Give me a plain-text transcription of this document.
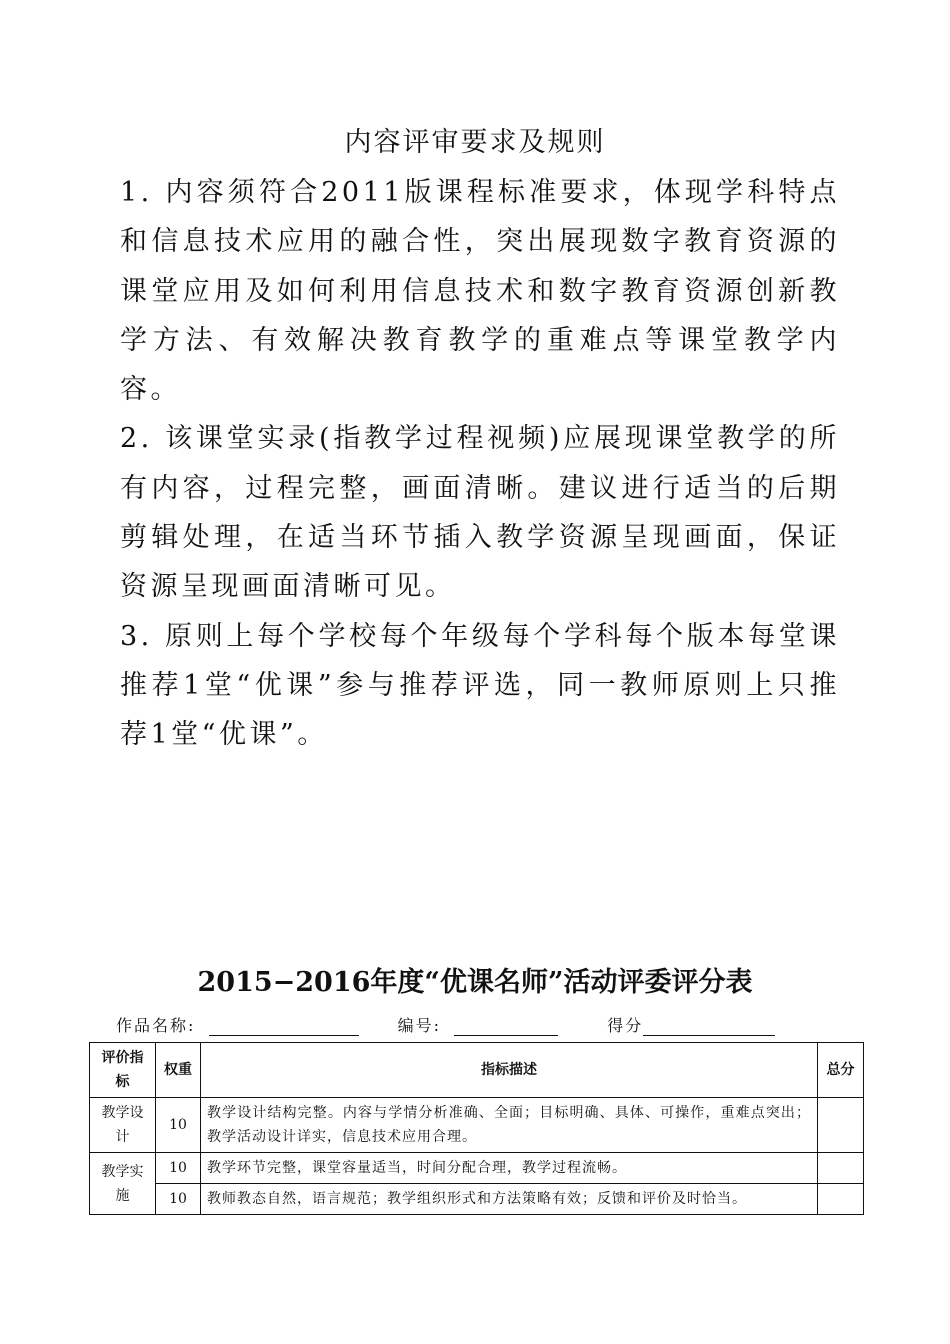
内容评审要求及规则

1. 内容须符合2011版课程标准要求，体现学科特点和信息技术应用的融合性，突出展现数字教育资源的课堂应用及如何利用信息技术和数字教育资源创新教学方法、有效解决教育教学的重难点等课堂教学内容。

2. 该课堂实录(指教学过程视频)应展现课堂教学的所有内容，过程完整，画面清晰。建议进行适当的后期剪辑处理，在适当环节插入教学资源呈现画面，保证资源呈现画面清晰可见。

3. 原则上每个学校每个年级每个学科每个版本每堂课推荐1堂“优课”参与推荐评选，同一教师原则上只推荐1堂“优课”。

2015−2016年度“优课名师”活动评委评分表
作品名称:	编号:	得分
评价指标	权重	指标描述	总分
教学设计	10	教学设计结构完整。内容与学情分析准确、全面；目标明确、具体、可操作，重难点突出；教学活动设计详实，信息技术应用合理。	
教学实施	10	教学环节完整，课堂容量适当，时间分配合理，教学过程流畅。	
	10	教师教态自然，语言规范；教学组织形式和方法策略有效；反馈和评价及时恰当。	
